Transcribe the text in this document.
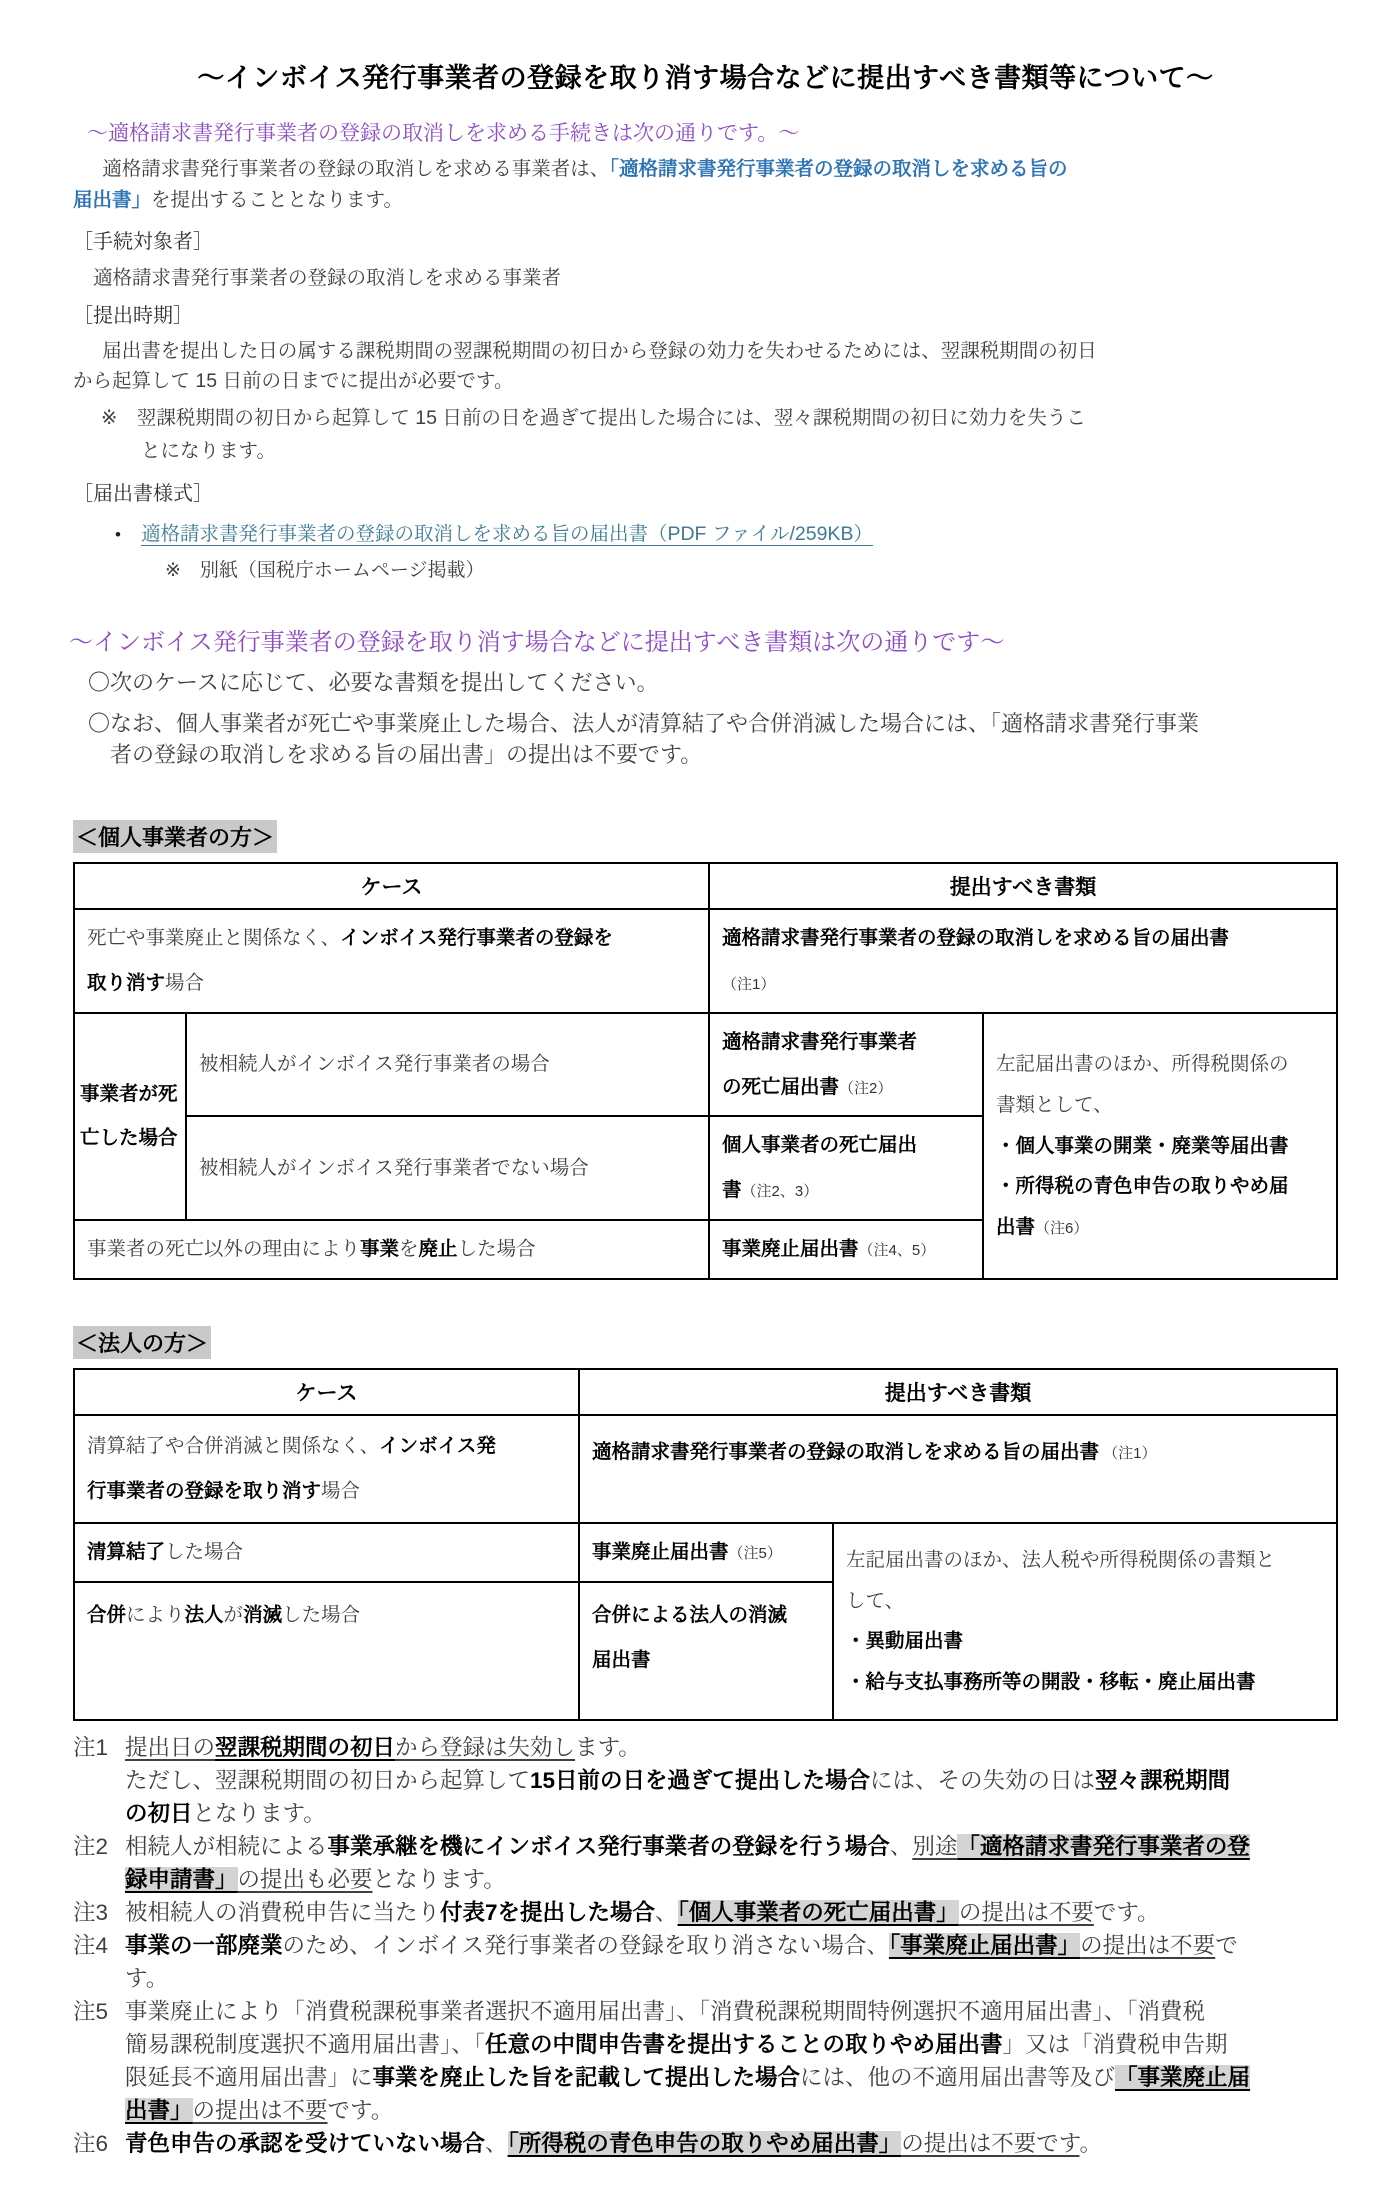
～インボイス発行事業者の登録を取り消す場合などに提出すべき書類等について～
～適格請求書発行事業者の登録の取消しを求める手続きは次の通りです。～

適格請求書発行事業者の登録の取消しを求める事業者は、「適格請求書発行事業者の登録の取消しを求める旨の
届出書」を提出することとなります。

［手続対象者］
適格請求書発行事業者の登録の取消しを求める事業者
［提出時期］

届出書を提出した日の属する課税期間の翌課税期間の初日から登録の効力を失わせるためには、翌課税期間の初日
から起算して 15 日前の日までに提出が必要です。

※　翌課税期間の初日から起算して 15 日前の日を過ぎて提出した場合には、翌々課税期間の初日に効力を失うこ
とになります。

［届出書様式］
• 適格請求書発行事業者の登録の取消しを求める旨の届出書（PDF ファイル/259KB）
※　別紙（国税庁ホームページ掲載）
～インボイス発行事業者の登録を取り消す場合などに提出すべき書類は次の通りです～

〇次のケースに応じて、必要な書類を提出してください。

〇なお、個人事業者が死亡や事業廃止した場合、法人が清算結了や合併消滅した場合には、「適格請求書発行事業
者の登録の取消しを求める旨の届出書」の提出は不要です。

＜個人事業者の方＞
ケース		提出すべき書類	
死亡や事業廃止と関係なく、インボイス発行事業者の登録を
取り消す場合		適格請求書発行事業者の登録の取消しを求める旨の届出書
（注1）	
事業者が死
亡した場合	被相続人がインボイス発行事業者の場合	適格請求書発行事業者
の死亡届出書（注2）	左記届出書のほか、所得税関係の
書類として、
・個人事業の開業・廃業等届出書
・所得税の青色申告の取りやめ届
出書（注6）
	被相続人がインボイス発行事業者でない場合	個人事業者の死亡届出
書（注2、3）	
事業者の死亡以外の理由により事業を廃止した場合		事業廃止届出書（注4、5）	
＜法人の方＞
ケース	提出すべき書類	
清算結了や合併消滅と関係なく、インボイス発
行事業者の登録を取り消す場合	適格請求書発行事業者の登録の取消しを求める旨の届出書 （注1）	
清算結了した場合	事業廃止届出書（注5）	左記届出書のほか、法人税や所得税関係の書類と
して、
・異動届出書
・給与支払事務所等の開設・移転・廃止届出書
合併により法人が消滅した場合	合併による法人の消滅
届出書	
注1 提出日の翌課税期間の初日から登録は失効します。
ただし、翌課税期間の初日から起算して15日前の日を過ぎて提出した場合には、その失効の日は翌々課税期間
の初日となります。
注2 相続人が相続による事業承継を機にインボイス発行事業者の登録を行う場合、別途「適格請求書発行事業者の登
録申請書」の提出も必要となります。
注3 被相続人の消費税申告に当たり付表7を提出した場合、「個人事業者の死亡届出書」の提出は不要です。
注4 事業の一部廃業のため、インボイス発行事業者の登録を取り消さない場合、「事業廃止届出書」の提出は不要で
す。
注5 事業廃止により「消費税課税事業者選択不適用届出書」、「消費税課税期間特例選択不適用届出書」、「消費税
簡易課税制度選択不適用届出書」、「任意の中間申告書を提出することの取りやめ届出書」又は「消費税申告期
限延長不適用届出書」に事業を廃止した旨を記載して提出した場合には、他の不適用届出書等及び「事業廃止届
出書」の提出は不要です。
注6 青色申告の承認を受けていない場合、「所得税の青色申告の取りやめ届出書」の提出は不要です。
